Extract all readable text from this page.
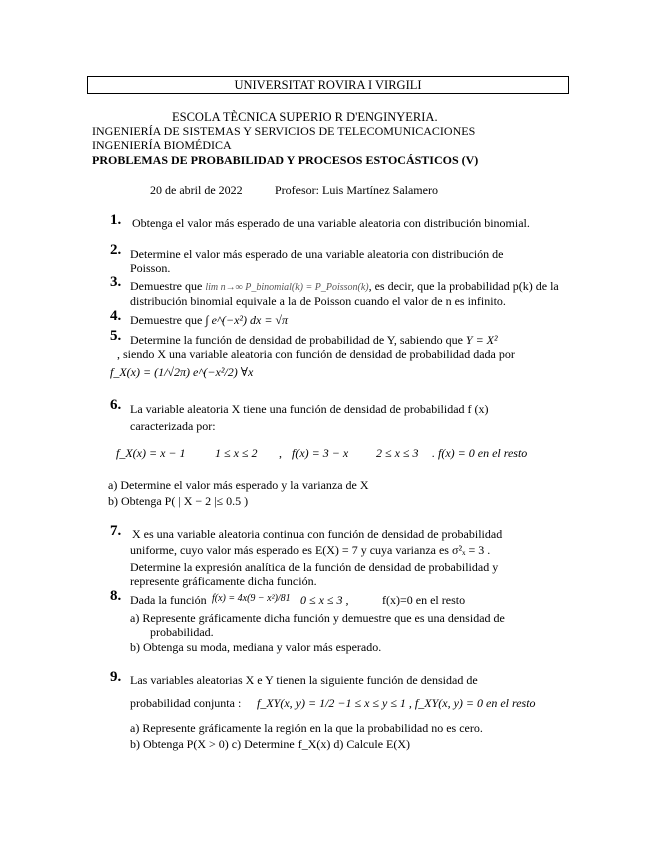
UNIVERSITAT ROVIRA I VIRGILI
ESCOLA TÈCNICA SUPERIO R D'ENGINYERIA.
INGENIERÍA DE SISTEMAS Y SERVICIOS DE TELECOMUNICACIONES
INGENIERÍA BIOMÉDICA
PROBLEMAS DE PROBABILIDAD Y PROCESOS ESTOCÁSTICOS (V)
20 de abril de 2022	Profesor: Luis Martínez Salamero
1. Obtenga el valor más esperado de una variable aleatoria con distribución binomial.
2. Determine el valor más esperado de una variable aleatoria con distribución de
Poisson.
3. Demuestre que lim n→∞ P_binomial(k) = P_Poisson(k), es decir, que la probabilidad p(k) de la
distribución binomial equivale a la de Poisson cuando el valor de n es infinito.
4. Demuestre que ∫ e^(−x²) dx = √π
5. Determine la función de densidad de probabilidad de Y, sabiendo que Y = X²
, siendo X una variable aleatoria con función de densidad de probabilidad dada por
f_X(x) = (1/√2π) e^(−x²/2) ∀x
6. La variable aleatoria X tiene una función de densidad de probabilidad f (x)
caracterizada por:
f_X(x) = x − 1 1 ≤ x ≤ 2 , f(x) = 3 − x 2 ≤ x ≤ 3 . f(x) = 0 en el resto
a) Determine el valor más esperado y la varianza de X
b) Obtenga P( | X − 2 |≤ 0.5 )
7. X es una variable aleatoria continua con función de densidad de probabilidad
uniforme, cuyo valor más esperado es E(X) = 7 y cuya varianza es σ²ₓ = 3 .
Determine la expresión analítica de la función de densidad de probabilidad y
represente gráficamente dicha función.
8. Dada la función f(x) = 4x(9 − x²)/81 0 ≤ x ≤ 3 ,	f(x)=0 en el resto
a) Represente gráficamente dicha función y demuestre que es una densidad de
probabilidad.
b) Obtenga su moda, mediana y valor más esperado.
9. Las variables aleatorias X e Y tienen la siguiente función de densidad de
probabilidad conjunta : f_XY(x, y) = 1/2 −1 ≤ x ≤ y ≤ 1 , f_XY(x, y) = 0 en el resto
a) Represente gráficamente la región en la que la probabilidad no es cero.
b) Obtenga P(X > 0) c) Determine f_X(x) d) Calcule E(X)
